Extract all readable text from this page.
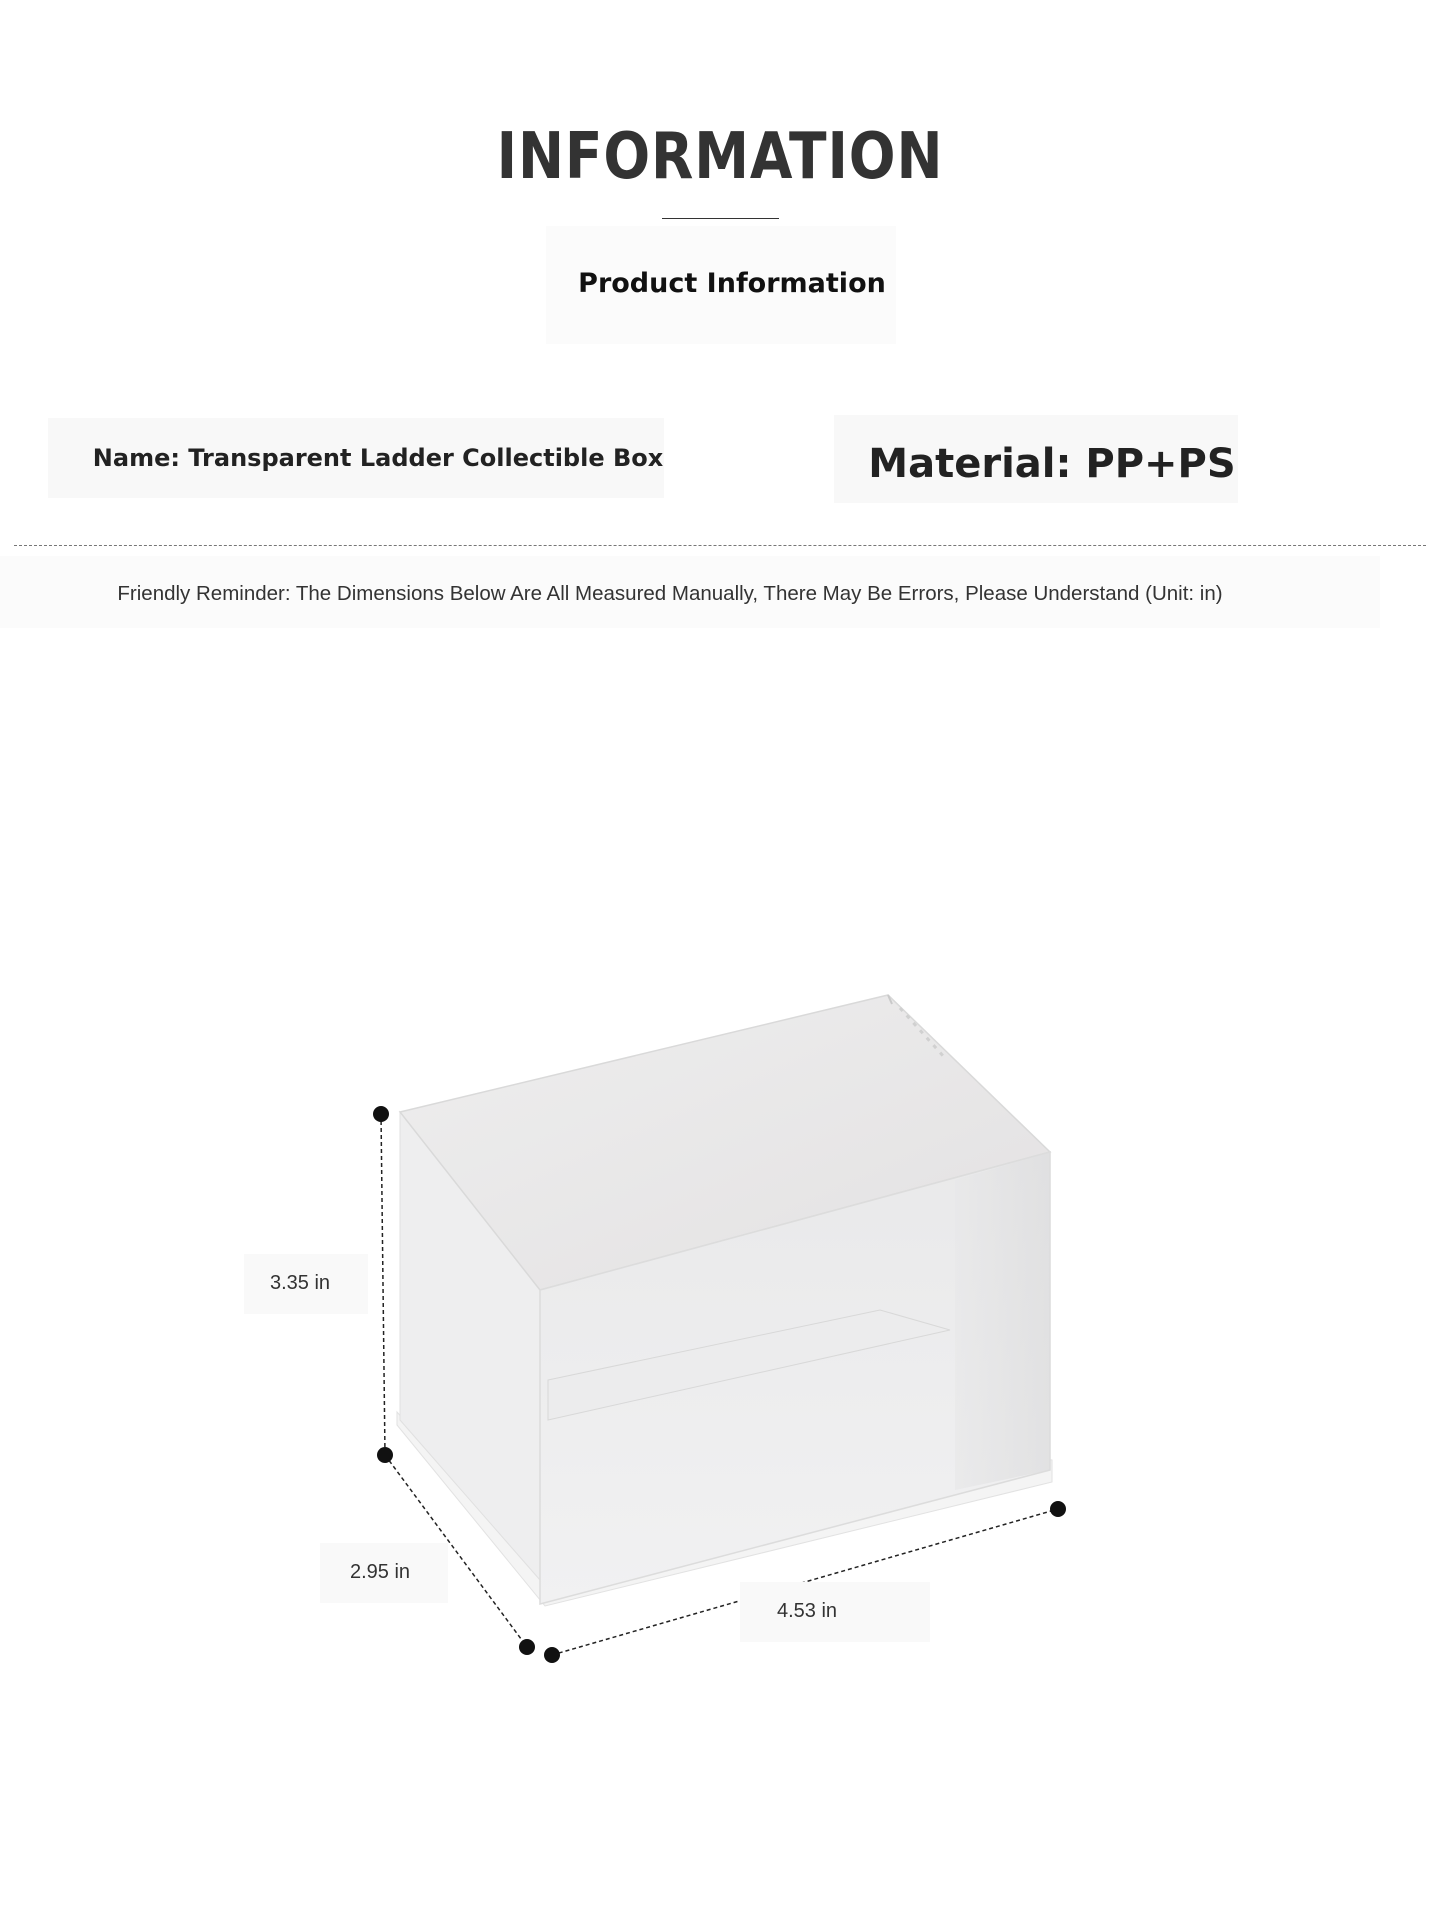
INFORMATION
Product Information
Name: Transparent Ladder Collectible Box	Material: PP+PS
Friendly Reminder: The Dimensions Below Are All Measured Manually, There May Be Errors, Please Understand (Unit: in)
3.35 in
2.95 in
4.53 in
